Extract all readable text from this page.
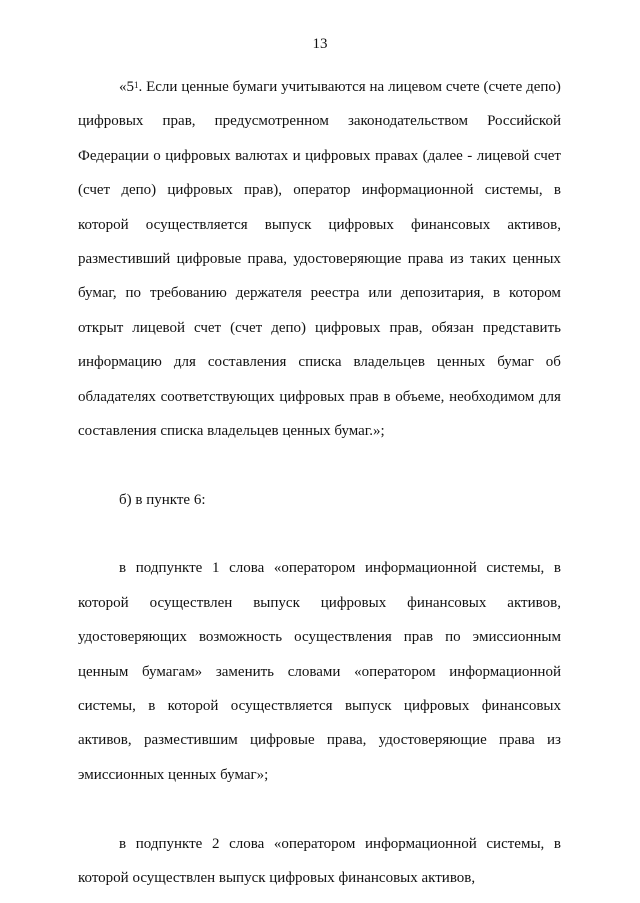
13
«$5^1$. Если ценные бумаги учитываются на лицевом счете (счете депо)
цифровых прав, предусмотренном законодательством Российской
Федерации о цифровых валютах и цифровых правах (далее - лицевой счет
(счет депо) цифровых прав), оператор информационной системы, в
которой осуществляется выпуск цифровых финансовых активов,
разместивший цифровые права, удостоверяющие права из таких ценных
бумаг, по требованию держателя реестра или депозитария, в котором
открыт лицевой счет (счет депо) цифровых прав, обязан представить
информацию для составления списка владельцев ценных бумаг об
обладателях соответствующих цифровых прав в объеме, необходимом для
составления списка владельцев ценных бумаг.»;
б) в пункте 6:
в подпункте 1 слова «оператором информационной системы, в
которой осуществлен выпуск цифровых финансовых активов,
удостоверяющих возможность осуществления прав по эмиссионным
ценным бумагам» заменить словами «оператором информационной
системы, в которой осуществляется выпуск цифровых финансовых
активов, разместившим цифровые права, удостоверяющие права из
эмиссионных ценных бумаг»;
в подпункте 2 слова «оператором информационной системы, в
которой осуществлен выпуск цифровых финансовых активов,
